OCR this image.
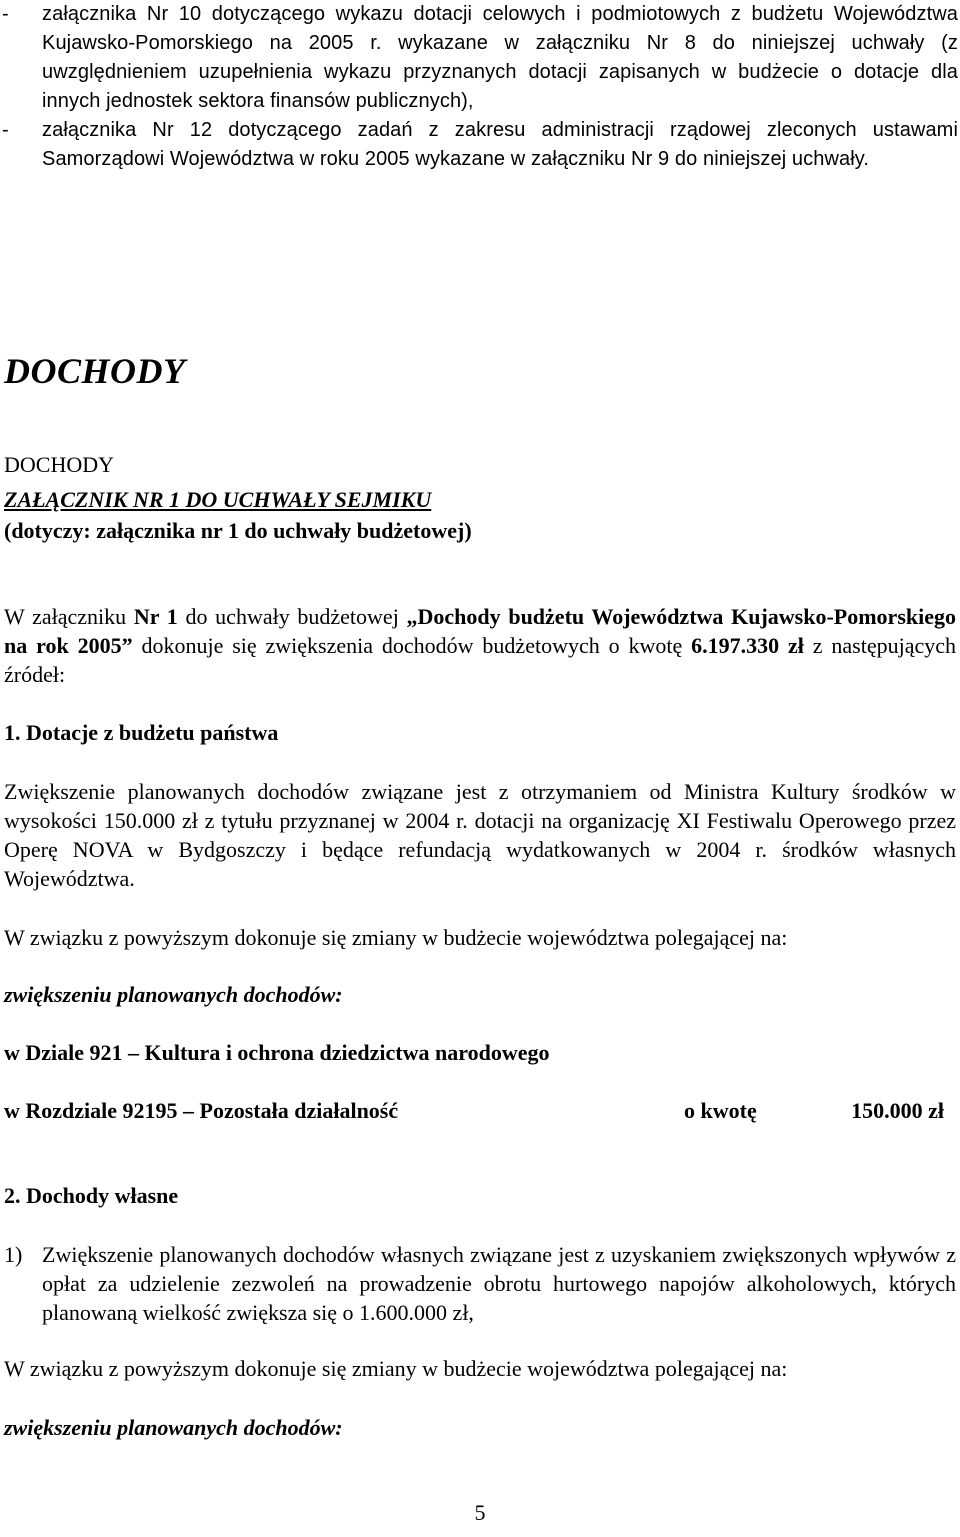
-	załącznika Nr 10 dotyczącego wykazu dotacji celowych i podmiotowych z budżetu Województwa Kujawsko-Pomorskiego na 2005 r. wykazane w załączniku Nr 8 do niniejszej uchwały (z uwzględnieniem uzupełnienia wykazu przyznanych dotacji zapisanych w budżecie o dotacje dla innych jednostek sektora finansów publicznych),
-	załącznika Nr 12 dotyczącego zadań z zakresu administracji rządowej zleconych ustawami Samorządowi Województwa w roku 2005 wykazane w załączniku Nr 9 do niniejszej uchwały.
DOCHODY
DOCHODY
ZAŁĄCZNIK NR 1 DO UCHWAŁY SEJMIKU
(dotyczy: załącznika nr 1 do uchwały budżetowej)

W załączniku Nr 1 do uchwały budżetowej „Dochody budżetu Województwa Kujawsko-Pomorskiego na rok 2005” dokonuje się zwiększenia dochodów budżetowych o kwotę 6.197.330 zł z następujących źródeł:

1. Dotacje z budżetu państwa

Zwiększenie planowanych dochodów związane jest z otrzymaniem od Ministra Kultury środków w wysokości 150.000 zł z tytułu przyznanej w 2004 r. dotacji na organizację XI Festiwalu Operowego przez Operę NOVA w Bydgoszczy i będące refundacją wydatkowanych w 2004 r. środków własnych Województwa.

W związku z powyższym dokonuje się zmiany w budżecie województwa polegającej na:
zwiększeniu planowanych dochodów:
w Dziale 921 – Kultura i ochrona dziedzictwa narodowego
w Rozdziale 92195 – Pozostała działalność	o kwotę	150.000 zł
2. Dochody własne
1) Zwiększenie planowanych dochodów własnych związane jest z uzyskaniem zwiększonych wpływów z opłat za udzielenie zezwoleń na prowadzenie obrotu hurtowego napojów alkoholowych, których planowaną wielkość zwiększa się o 1.600.000 zł,
W związku z powyższym dokonuje się zmiany w budżecie województwa polegającej na:
zwiększeniu planowanych dochodów:
5
